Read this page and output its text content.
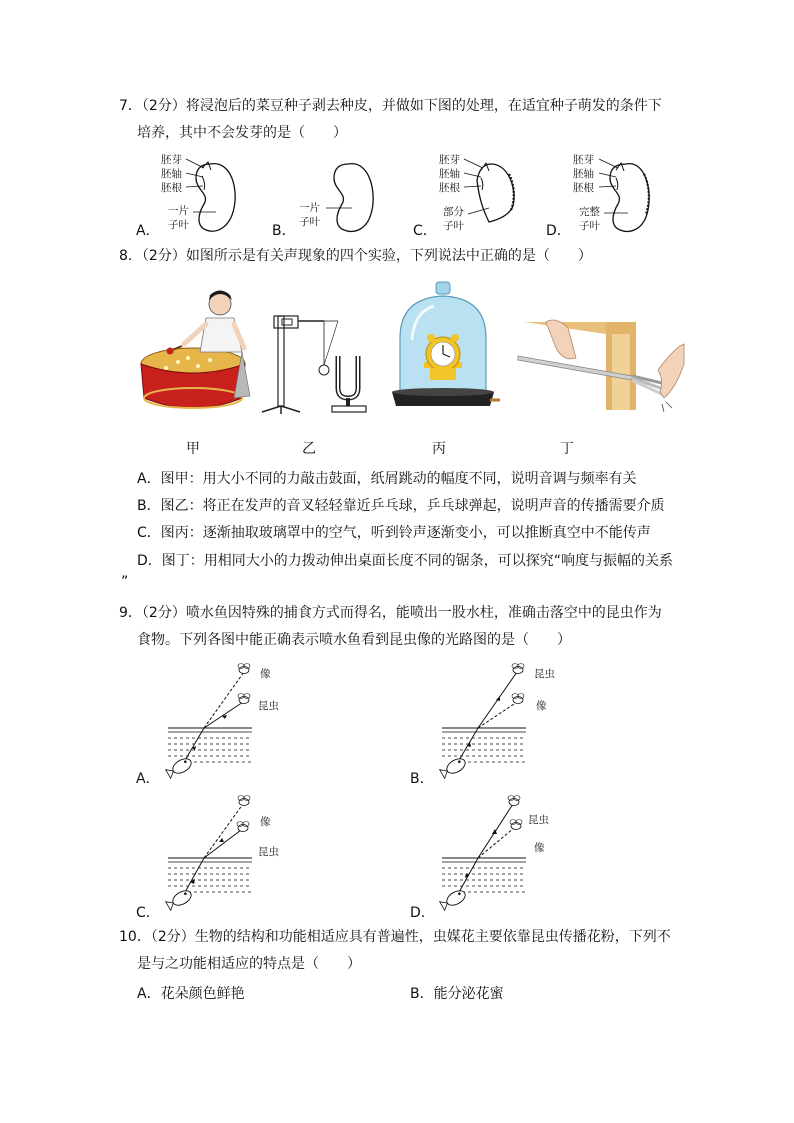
7．（2分）将浸泡后的菜豆种子剥去种皮，并做如下图的处理，在适宜种子萌发的条件下
培养，其中不会发芽的是（　　）
胚芽
胚轴
胚根
一片
子叶
A．
一片
子叶
B．
胚芽
胚轴
胚根
部分
子叶
C．
胚芽
胚轴
胚根
完整
子叶
D．
8．（2分）如图所示是有关声现象的四个实验，下列说法中正确的是（　　）
甲	乙	丙	丁
A．图甲：用大小不同的力敲击鼓面，纸屑跳动的幅度不同，说明音调与频率有关
B．图乙：将正在发声的音叉轻轻靠近乒乓球，乒乓球弹起，说明声音的传播需要介质
C．图丙：逐渐抽取玻璃罩中的空气，听到铃声逐渐变小，可以推断真空中不能传声
D．图丁：用相同大小的力拨动伸出桌面长度不同的锯条，可以探究“响度与振幅的关系
”
9．（2分）喷水鱼因特殊的捕食方式而得名，能喷出一股水柱，准确击落空中的昆虫作为
食物。下列各图中能正确表示喷水鱼看到昆虫像的光路图的是（　　）
A．
像
昆虫
B．
昆虫
像
C．
像
昆虫
D．
昆虫
像
10．（2分）生物的结构和功能相适应具有普遍性，虫媒花主要依靠昆虫传播花粉，下列不
是与之功能相适应的特点是（　　）
A．花朵颜色鲜艳	B．能分泌花蜜
